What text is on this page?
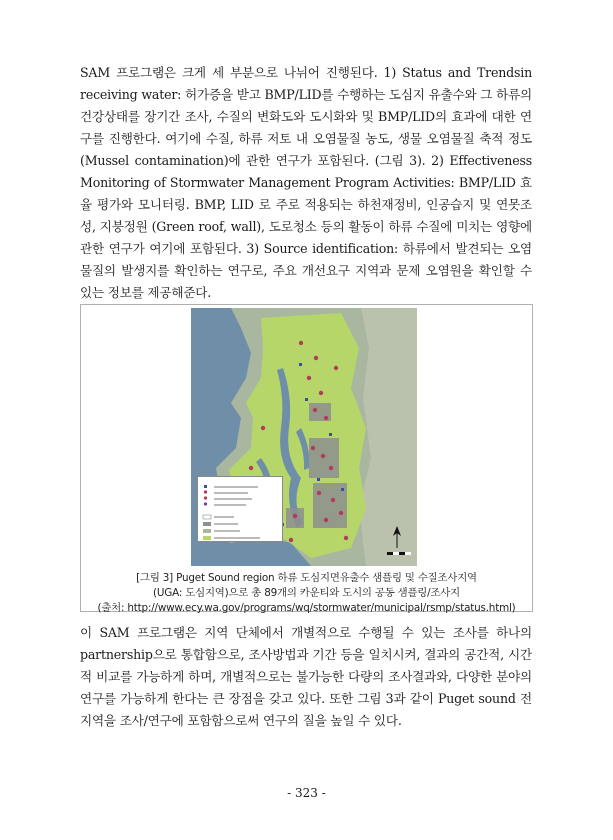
SAM 프로그램은 크게 세 부분으로 나뉘어 진행된다. 1) Status and Trendsin receiving water: 허가증을 받고 BMP/LID를 수행하는 도심지 유출수와 그 하류의 건강상태를 장기간 조사, 수질의 변화도와 도시화와 및 BMP/LID의 효과에 대한 연구를 진행한다. 여기에 수질, 하류 저토 내 오염물질 농도, 생물 오염물질 축적 정도 (Mussel contamination)에 관한 연구가 포함된다. (그림 3). 2) Effectiveness Monitoring of Stormwater Management Program Activities: BMP/LID 효율 평가와 모니터링. BMP, LID 로 주로 적용되는 하천재정비, 인공습지 및 연못조성, 지붕정원 (Green roof, wall), 도로청소 등의 활동이 하류 수질에 미치는 영향에 관한 연구가 여기에 포함된다. 3) Source identification: 하류에서 발견되는 오염물질의 발생지를 확인하는 연구로, 주요 개선요구 지역과 문제 오염원을 확인할 수 있는 정보를 제공해준다.

[그림 3] Puget Sound region 하류 도심지면유출수 샘플링 및 수질조사지역
(UGA: 도심지역)으로 총 89개의 카운티와 도시의 공동 샘플링/조사지
(출처: http://www.ecy.wa.gov/programs/wq/stormwater/municipal/rsmp/status.html)

이 SAM 프로그램은 지역 단체에서 개별적으로 수행될 수 있는 조사를 하나의 partnership으로 통합함으로, 조사방법과 기간 등을 일치시켜, 결과의 공간적, 시간적 비교를 가능하게 하며, 개별적으로는 불가능한 다량의 조사결과와, 다양한 분야의 연구를 가능하게 한다는 큰 장점을 갖고 있다. 또한 그림 3과 같이 Puget sound 전지역을 조사/연구에 포함함으로써 연구의 질을 높일 수 있다.

- 323 -
